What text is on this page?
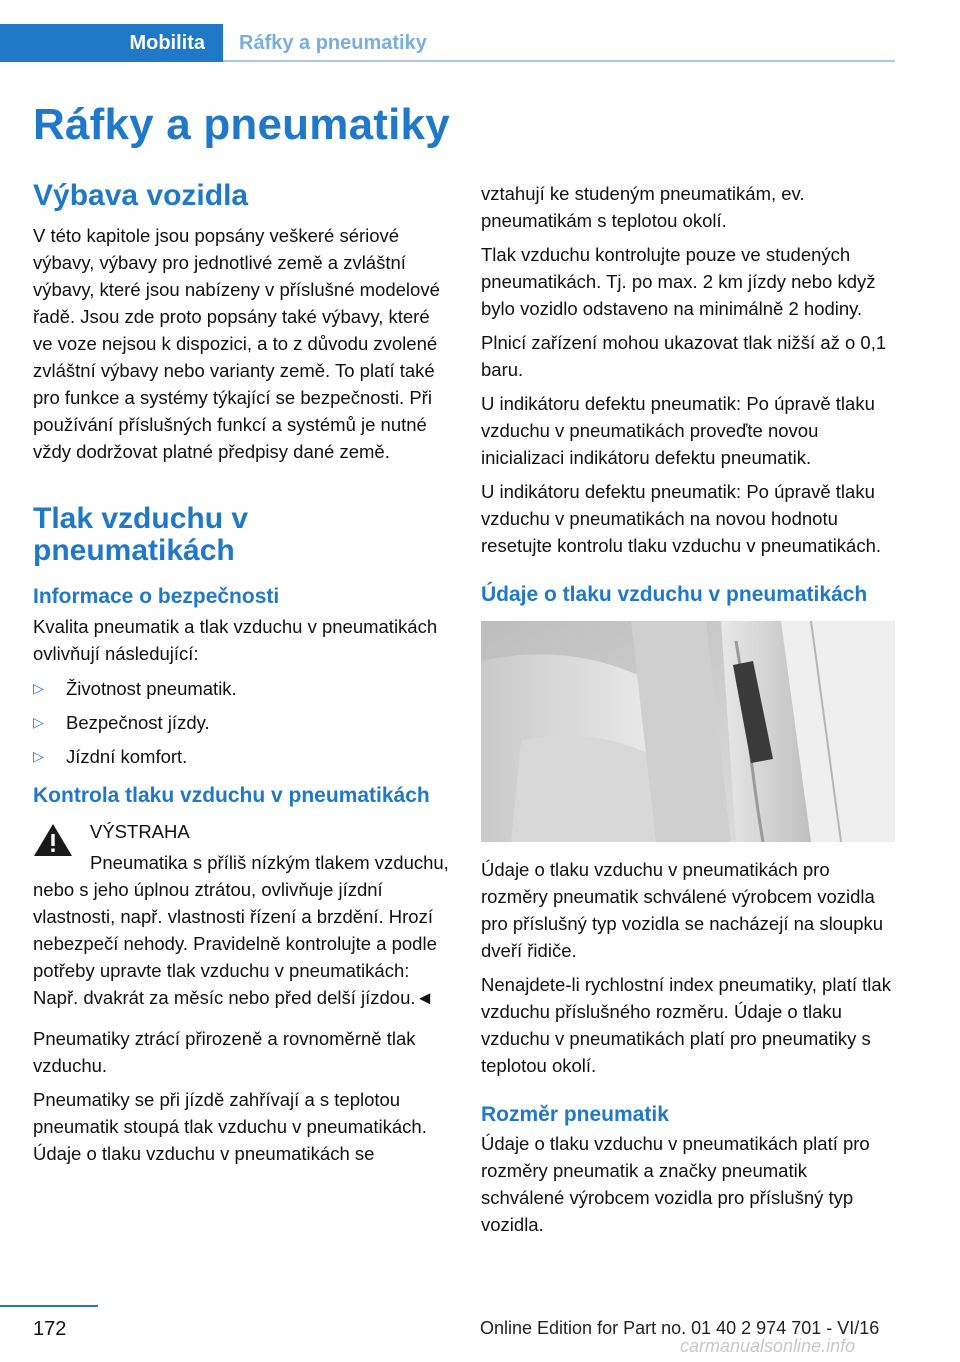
Mobilita Ráfky a pneumatiky
Ráfky a pneumatiky
Výbava vozidla

V této kapitole jsou popsány veškeré sériové výbavy, výbavy pro jednotlivé země a zvláštní výbavy, které jsou nabízeny v příslušné modelové řadě. Jsou zde proto popsány také výbavy, které ve voze nejsou k dispozici, a to z důvodu zvolené zvláštní výbavy nebo varianty země. To platí také pro funkce a systémy týkající se bezpečnosti. Při používání příslušných funkcí a systémů je nutné vždy dodržovat platné předpisy dané země.

Tlak vzduchu v pneumatikách
Informace o bezpečnosti

Kvalita pneumatik a tlak vzduchu v pneumatikách ovlivňují následující:

▷ Životnost pneumatik.
▷ Bezpečnost jízdy.
▷ Jízdní komfort.
Kontrola tlaku vzduchu v pneumatikách
VÝSTRAHA

Pneumatika s příliš nízkým tlakem vzduchu, nebo s jeho úplnou ztrátou, ovlivňuje jízdní vlastnosti, např. vlastnosti řízení a brzdění. Hrozí nebezpečí nehody. Pravidelně kontrolujte a podle potřeby upravte tlak vzduchu v pneumatikách: Např. dvakrát za měsíc nebo před delší jízdou.◄

Pneumatiky ztrácí přirozeně a rovnoměrně tlak vzduchu.

Pneumatiky se při jízdě zahřívají a s teplotou pneumatik stoupá tlak vzduchu v pneumatikách. Údaje o tlaku vzduchu v pneumatikách se

vztahují ke studeným pneumatikám, ev. pneumatikám s teplotou okolí.

Tlak vzduchu kontrolujte pouze ve studených pneumatikách. Tj. po max. 2 km jízdy nebo když bylo vozidlo odstaveno na minimálně 2 hodiny.

Plnicí zařízení mohou ukazovat tlak nižší až o 0,1 baru.

U indikátoru defektu pneumatik: Po úpravě tlaku vzduchu v pneumatikách proveďte novou inicializaci indikátoru defektu pneumatik.

U indikátoru defektu pneumatik: Po úpravě tlaku vzduchu v pneumatikách na novou hodnotu resetujte kontrolu tlaku vzduchu v pneumatikách.

Údaje o tlaku vzduchu v pneumatikách

Údaje o tlaku vzduchu v pneumatikách pro rozměry pneumatik schválené výrobcem vozidla pro příslušný typ vozidla se nacházejí na sloupku dveří řidiče.

Nenajdete-li rychlostní index pneumatiky, platí tlak vzduchu příslušného rozměru. Údaje o tlaku vzduchu v pneumatikách platí pro pneumatiky s teplotou okolí.

Rozměr pneumatik

Údaje o tlaku vzduchu v pneumatikách platí pro rozměry pneumatik a značky pneumatik schválené výrobcem vozidla pro příslušný typ vozidla.

172	Online Edition for Part no. 01 40 2 974 701 - VI/16
carmanualsonline.info
